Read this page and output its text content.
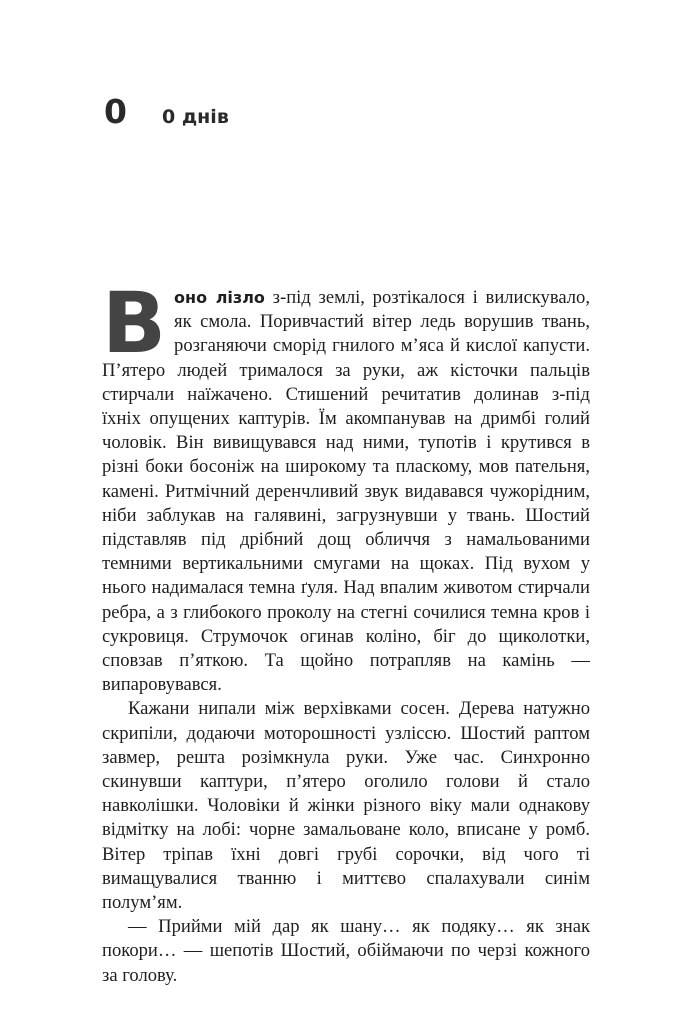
0	0 днів

Воно лізло з-під землі, розтікалося і вилискувало, як смола. Поривчастий вітер ледь ворушив твань, розганяючи сморід гнилого м’яса й кислої капусти. П’ятеро людей трималося за руки, аж кісточки пальців стирчали наїжачено. Стишений речитатив долинав з-під їхніх опущених каптурів. Їм акомпанував на дримбі голий чоловік. Він вивищувався над ними, тупотів і крутився в різні боки босоніж на широкому та пласкому, мов пательня, камені. Ритмічний деренчливий звук видавався чужорідним, ніби заблукав на галявині, загрузнувши у твань. Шостий підставляв під дрібний дощ обличчя з намальованими темними вертикальними смугами на щоках. Під вухом у нього надималася темна ґуля. Над впалим животом стирчали ребра, а з глибокого проколу на стегні сочилися темна кров і сукровиця. Струмочок огинав коліно, біг до щиколотки, сповзав п’яткою. Та щойно потрапляв на камінь — випаровувався.

Кажани нипали між верхівками сосен. Дерева натужно скрипіли, додаючи моторошності узліссю. Шостий раптом завмер, решта розімкнула руки. Уже час. Синхронно скинувши каптури, п’ятеро оголило голови й стало навколішки. Чоловіки й жінки різного віку мали однакову відмітку на лобі: чорне замальоване коло, вписане у ромб. Вітер тріпав їхні довгі грубі сорочки, від чого ті вимащувалися тванню і миттєво спалахували синім полум’ям.

— Прийми мій дар як шану… як подяку… як знак покори… — шепотів Шостий, обіймаючи по черзі кожного за голову.
